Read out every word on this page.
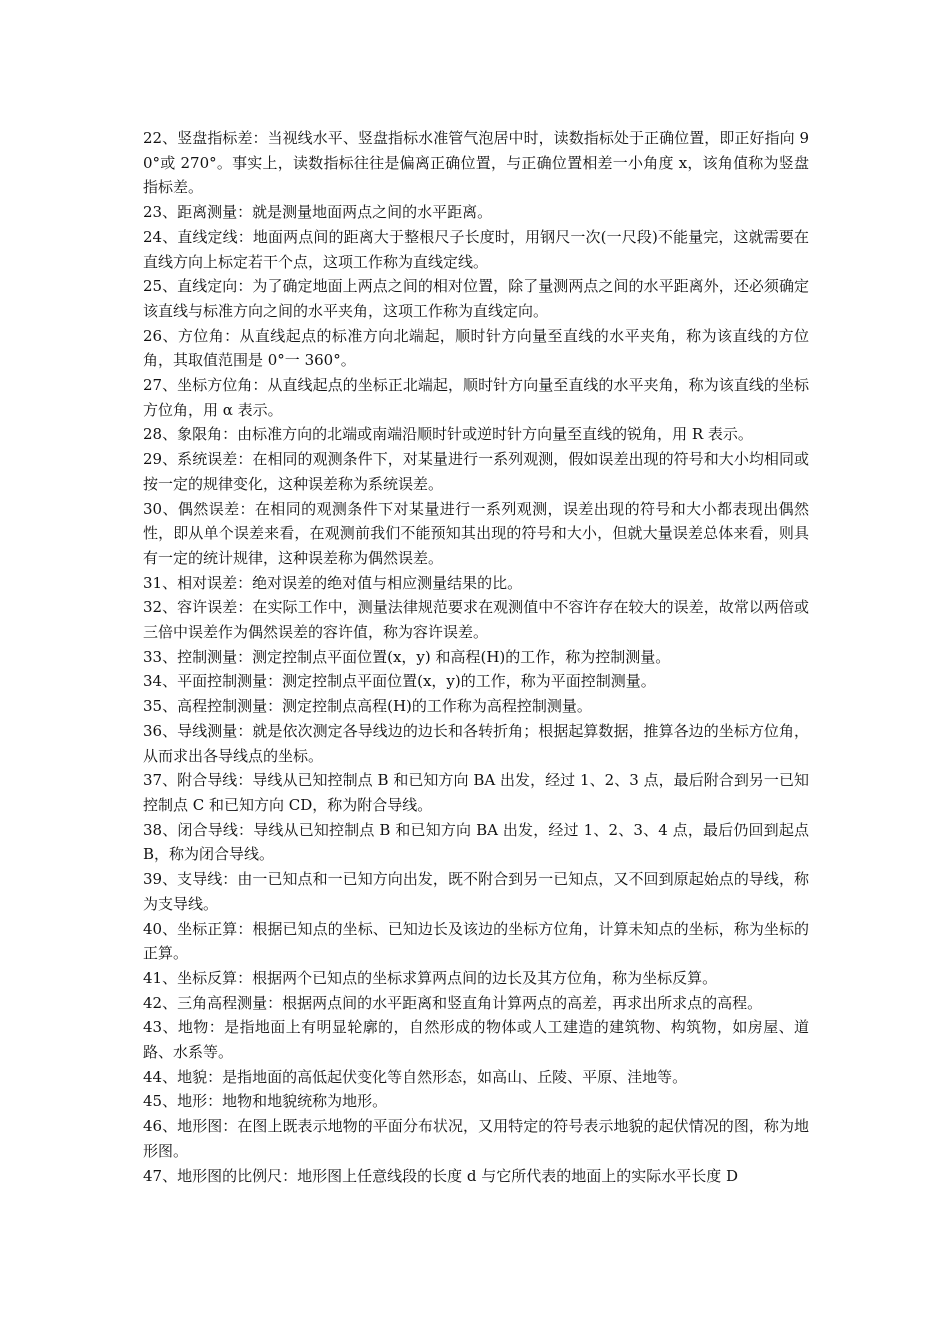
22、竖盘指标差：当视线水平、竖盘指标水准管气泡居中时，读数指标处于正确位置，即正好指向 90°或 270°。事实上，读数指标往往是偏离正确位置，与正确位置相差一小角度 x，该角值称为竖盘指标差。

23、距离测量：就是测量地面两点之间的水平距离。

24、直线定线：地面两点间的距离大于整根尺子长度时，用钢尺一次(一尺段)不能量完，这就需要在直线方向上标定若干个点，这项工作称为直线定线。

25、直线定向：为了确定地面上两点之间的相对位置，除了量测两点之间的水平距离外，还必须确定该直线与标准方向之间的水平夹角，这项工作称为直线定向。

26、方位角：从直线起点的标准方向北端起，顺时针方向量至直线的水平夹角，称为该直线的方位角，其取值范围是 0°一 360°。

27、坐标方位角：从直线起点的坐标正北端起，顺时针方向量至直线的水平夹角，称为该直线的坐标方位角，用 α 表示。

28、象限角：由标准方向的北端或南端沿顺时针或逆时针方向量至直线的锐角，用 R 表示。

29、系统误差：在相同的观测条件下，对某量进行一系列观测，假如误差出现的符号和大小均相同或按一定的规律变化，这种误差称为系统误差。

30、偶然误差：在相同的观测条件下对某量进行一系列观测，误差出现的符号和大小都表现出偶然性，即从单个误差来看，在观测前我们不能预知其出现的符号和大小，但就大量误差总体来看，则具有一定的统计规律，这种误差称为偶然误差。

31、相对误差：绝对误差的绝对值与相应测量结果的比。

32、容许误差：在实际工作中，测量法律规范要求在观测值中不容许存在较大的误差，故常以两倍或三倍中误差作为偶然误差的容许值，称为容许误差。

33、控制测量：测定控制点平面位置(x，y) 和高程(H)的工作，称为控制测量。

34、平面控制测量：测定控制点平面位置(x，y)的工作，称为平面控制测量。

35、高程控制测量：测定控制点高程(H)的工作称为高程控制测量。

36、导线测量：就是依次测定各导线边的边长和各转折角；根据起算数据，推算各边的坐标方位角，从而求出各导线点的坐标。

37、附合导线：导线从已知控制点 B 和已知方向 BA 出发，经过 1、2、3 点，最后附合到另一已知控制点 C 和已知方向 CD，称为附合导线。

38、闭合导线：导线从已知控制点 B 和已知方向 BA 出发，经过 1、2、3、4 点，最后仍回到起点 B，称为闭合导线。

39、支导线：由一已知点和一已知方向出发，既不附合到另一已知点，又不回到原起始点的导线，称为支导线。

40、坐标正算：根据已知点的坐标、已知边长及该边的坐标方位角，计算未知点的坐标，称为坐标的正算。

41、坐标反算：根据两个已知点的坐标求算两点间的边长及其方位角，称为坐标反算。

42、三角高程测量：根据两点间的水平距离和竖直角计算两点的高差，再求出所求点的高程。

43、地物：是指地面上有明显轮廓的，自然形成的物体或人工建造的建筑物、构筑物，如房屋、道路、水系等。

44、地貌：是指地面的高低起伏变化等自然形态，如高山、丘陵、平原、洼地等。

45、地形：地物和地貌统称为地形。

46、地形图：在图上既表示地物的平面分布状况，又用特定的符号表示地貌的起伏情况的图，称为地形图。

47、地形图的比例尺：地形图上任意线段的长度 d 与它所代表的地面上的实际水平长度 D
